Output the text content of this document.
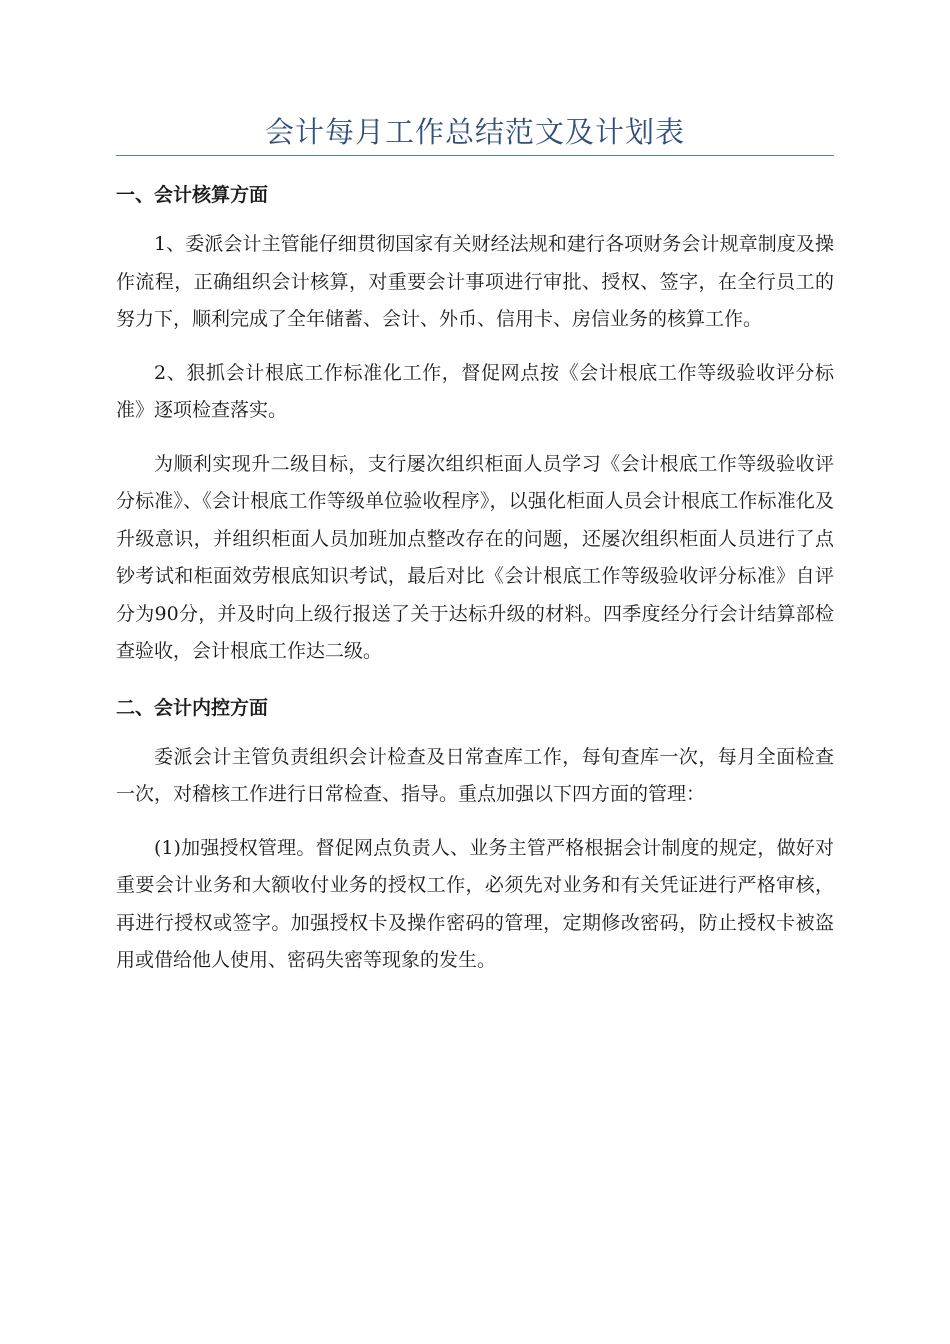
会计每月工作总结范文及计划表
一、会计核算方面

1、委派会计主管能仔细贯彻国家有关财经法规和建行各项财务会计规章制度及操作流程，正确组织会计核算，对重要会计事项进行审批、授权、签字，在全行员工的努力下，顺利完成了全年储蓄、会计、外币、信用卡、房信业务的核算工作。

2、狠抓会计根底工作标准化工作，督促网点按《会计根底工作等级验收评分标准》逐项检查落实。

为顺利实现升二级目标，支行屡次组织柜面人员学习《会计根底工作等级验收评分标准》、《会计根底工作等级单位验收程序》，以强化柜面人员会计根底工作标准化及升级意识，并组织柜面人员加班加点整改存在的问题，还屡次组织柜面人员进行了点钞考试和柜面效劳根底知识考试，最后对比《会计根底工作等级验收评分标准》自评分为90分，并及时向上级行报送了关于达标升级的材料。四季度经分行会计结算部检查验收，会计根底工作达二级。

二、会计内控方面

委派会计主管负责组织会计检查及日常查库工作，每旬查库一次，每月全面检查一次，对稽核工作进行日常检查、指导。重点加强以下四方面的管理：

(1)加强授权管理。督促网点负责人、业务主管严格根据会计制度的规定，做好对重要会计业务和大额收付业务的授权工作，必须先对业务和有关凭证进行严格审核，再进行授权或签字。加强授权卡及操作密码的管理，定期修改密码，防止授权卡被盗用或借给他人使用、密码失密等现象的发生。
